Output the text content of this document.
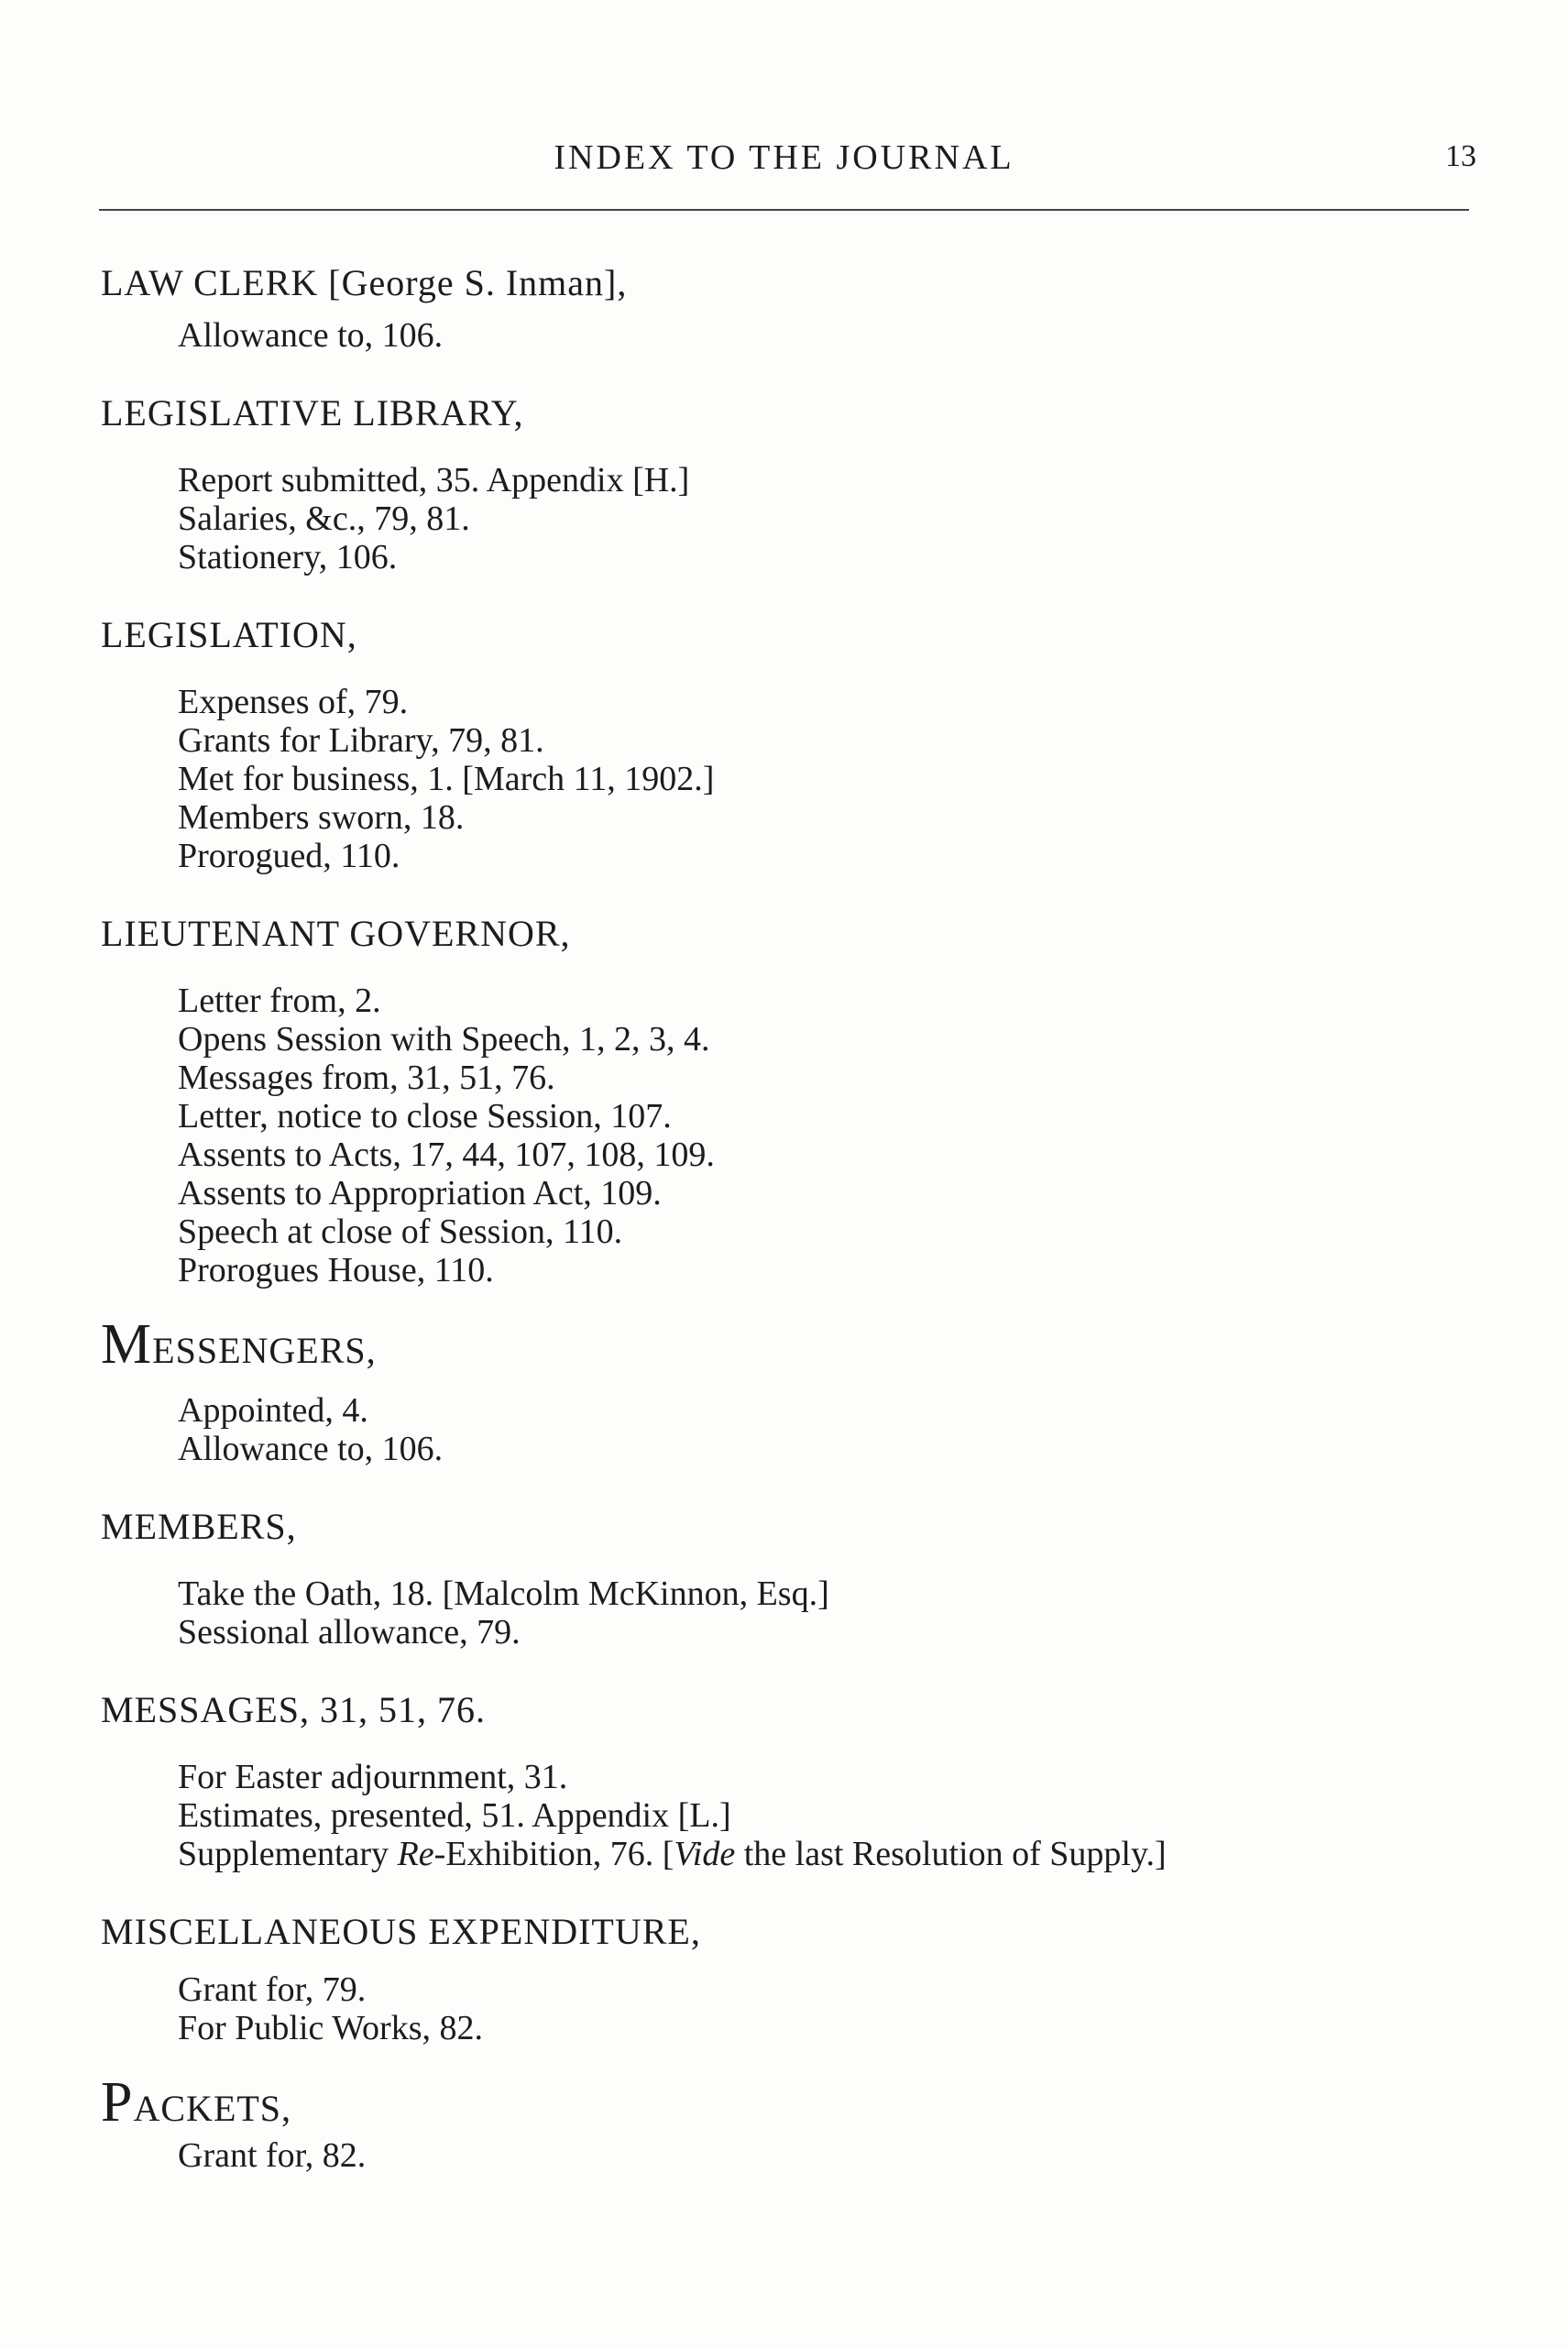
INDEX TO THE JOURNAL	13
LAW CLERK [George S. Inman],
Allowance to, 106.
LEGISLATIVE LIBRARY,
Report submitted, 35. Appendix [H.]
Salaries, &c., 79, 81.
Stationery, 106.
LEGISLATION,
Expenses of, 79.
Grants for Library, 79, 81.
Met for business, 1. [March 11, 1902.]
Members sworn, 18.
Prorogued, 110.
LIEUTENANT GOVERNOR,
Letter from, 2.
Opens Session with Speech, 1, 2, 3, 4.
Messages from, 31, 51, 76.
Letter, notice to close Session, 107.
Assents to Acts, 17, 44, 107, 108, 109.
Assents to Appropriation Act, 109.
Speech at close of Session, 110.
Prorogues House, 110.
MESSENGERS,
Appointed, 4.
Allowance to, 106.
MEMBERS,
Take the Oath, 18. [Malcolm McKinnon, Esq.]
Sessional allowance, 79.
MESSAGES, 31, 51, 76.
For Easter adjournment, 31.
Estimates, presented, 51. Appendix [L.]
Supplementary Re-Exhibition, 76. [Vide the last Resolution of Supply.]
MISCELLANEOUS EXPENDITURE,
Grant for, 79.
For Public Works, 82.
PACKETS,
Grant for, 82.
